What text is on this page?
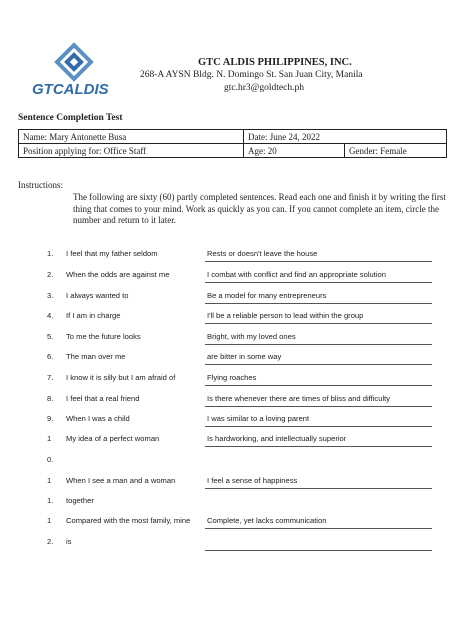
GTCALDIS
GTC ALDIS PHILIPPINES, INC.
268-A AYSN Bldg. N. Domingo St. San Juan City, Manila
gtc.hr3@goldtech.ph
Sentence Completion Test
Name: Mary Antonette Busa	Date: June 24, 2022	
Position applying for: Office Staff	Age: 20	Gender: Female
Instructions:
The following are sixty (60) partly completed sentences. Read each one and finish it by writing the first thing that comes to your mind. Work as quickly as you can. If you cannot complete an item, circle the number and return to it later.
1. I feel that my father seldom	Rests or doesn't leave the house
2. When the odds are against me	I combat with conflict and find an appropriate solution
3. I always wanted to	Be a model for many entrepreneurs
4. If I am in charge	I'll be a reliable person to lead within the group
5. To me the future looks	Bright, with my loved ones
6. The man over me	are bitter in some way
7. I know it is silly but I am afraid of	Flying roaches
8. I feel that a real friend	Is there whenever there are times of bliss and difficulty
9. When I was a child	I was similar to a loving parent
1 My idea of a perfect woman	Is hardworking, and intellectually superior
0.
1 When I see a man and a woman	I feel a sense of happiness
1. together
1 Compared with the most family, mine	Complete, yet lacks communication
2. is
